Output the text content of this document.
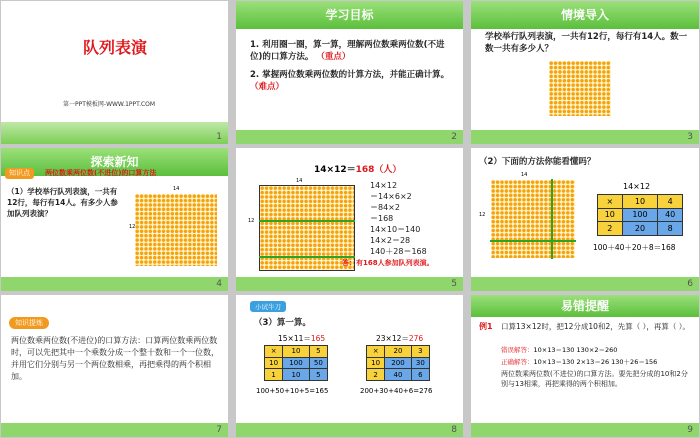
队列表演
第一PPT模板网-WWW.1PPT.COM
1
学习目标
1. 利用圈一圈，算一算，理解两位数乘两位数(不进位)的口算方法。 （重点）
2. 掌握两位数乘两位数的计算方法，并能正确计算。 （难点）
2
情境导入
学校举行队列表演，一共有12行，每行有14人。数一数一共有多少人？
3
探索新知
知识点	两位数乘两位数(不进位)的口算方法
（1）学校举行队列表演，一共有12行，每行有14人。有多少人参加队列表演？
14
12
4
14×12＝168（人）
14
12
14×12
＝14×6×2
＝84×2
＝168
14×10＝140
14×2＝28
140＋28＝168
答：有168人参加队列表演。
5
（2）下面的方法你能看懂吗？
14
12
14×12
×	10	4
10	100	40
2	20	8
100＋40＋20＋8＝168
6
知识提炼
两位数乘两位数(不进位)的口算方法：口算两位数乘两位数时，可以先把其中一个乘数分成一个整十数和一个一位数，并用它们分别与另一个两位数相乘，再把乘得的两个积相加。
7
小试牛刀
（3）算一算。
15×11＝165
×	10	5
10	100	50
1	10	5
100+50+10+5=165
23×12＝276
×	20	3
10	200	30
2	40	6
200+30+40+6=276
8
易错提醒
例1 口算13×12时，把12分成10和2，先算（ ），再算（ ）。
错误解答：10×13＝130 130×2＝260
正确解答：10×13＝130 2×13＝26 130＋26＝156
两位数乘两位数(不进位)的口算方法。要先把分成的10和2分别与13相乘，再把乘得的两个积相加。
9
